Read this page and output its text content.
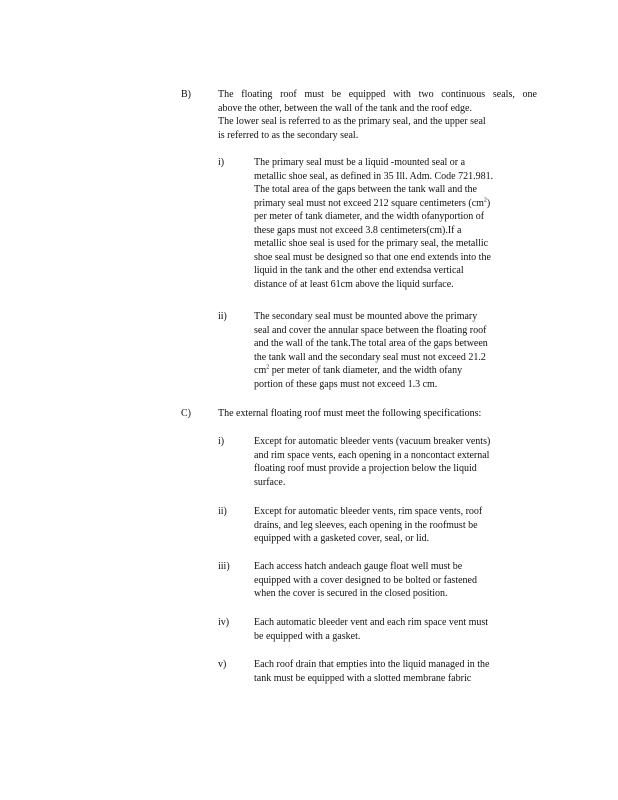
B)	The floating roof must be equipped with two continuous seals, one
above the other, between the wall of the tank and the roof edge.
The lower seal is referred to as the primary seal, and the upper seal
is referred to as the secondary seal.
i)	The primary seal must be a liquid -mounted seal or a
metallic shoe seal, as defined in 35 Ill. Adm. Code 721.981.
The total area of the gaps between the tank wall and the
primary seal must not exceed 212 square centimeters $(cm^2)$
per meter of tank diameter, and the width ofanyportion of
these gaps must not exceed 3.8 centimeters(cm).If a
metallic shoe seal is used for the primary seal, the metallic
shoe seal must be designed so that one end extends into the
liquid in the tank and the other end extendsa vertical
distance of at least 61cm above the liquid surface.
ii)	The secondary seal must be mounted above the primary
seal and cover the annular space between the floating roof
and the wall of the tank.The total area of the gaps between
the tank wall and the secondary seal must not exceed 21.2
$cm^2$ per meter of tank diameter, and the width ofany
portion of these gaps must not exceed 1.3 cm.
C)	The external floating roof must meet the following specifications:
i)	Except for automatic bleeder vents (vacuum breaker vents)
and rim space vents, each opening in a noncontact external
floating roof must provide a projection below the liquid
surface.
ii)	Except for automatic bleeder vents, rim space vents, roof
drains, and leg sleeves, each opening in the roofmust be
equipped with a gasketed cover, seal, or lid.
iii) Each access hatch andeach gauge float well must be
equipped with a cover designed to be bolted or fastened
when the cover is secured in the closed position.
iv) Each automatic bleeder vent and each rim space vent must
be equipped with a gasket.
v)	Each roof drain that empties into the liquid managed in the
tank must be equipped with a slotted membrane fabric
